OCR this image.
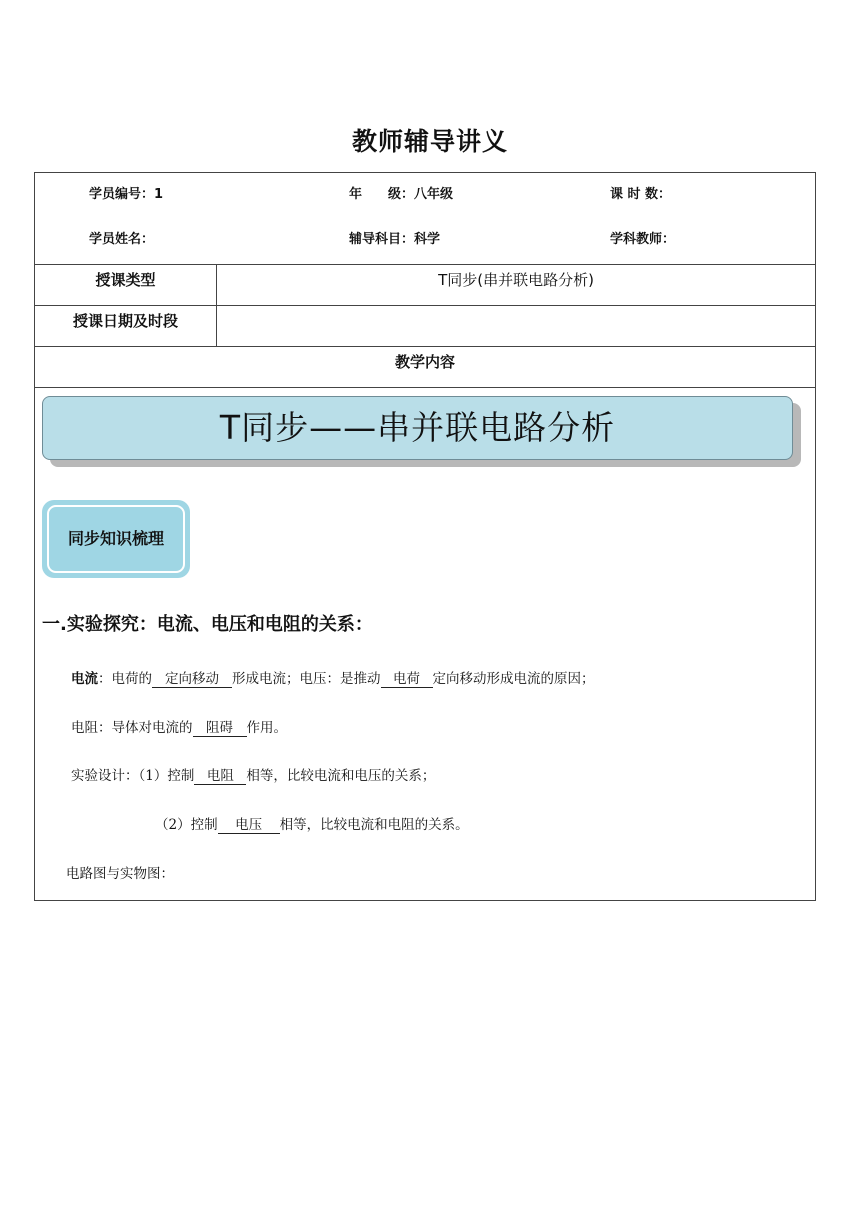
教师辅导讲义
学员编号：1	年　　级：八年级	课 时 数：
学员姓名：	辅导科目：科学	学科教师：
授课类型	T同步(串并联电路分析)
授课日期及时段
教学内容
T同步——串并联电路分析
同步知识梳理
一.实验探究：电流、电压和电阻的关系：
电流：电荷的 定向移动 形成电流；电压：是推动 电荷 定向移动形成电流的原因；
电阻：导体对电流的 阻碍 作用。
实验设计：（1）控制 电阻 相等，比较电流和电压的关系；
（2）控制 电压 相等，比较电流和电阻的关系。
电路图与实物图：
